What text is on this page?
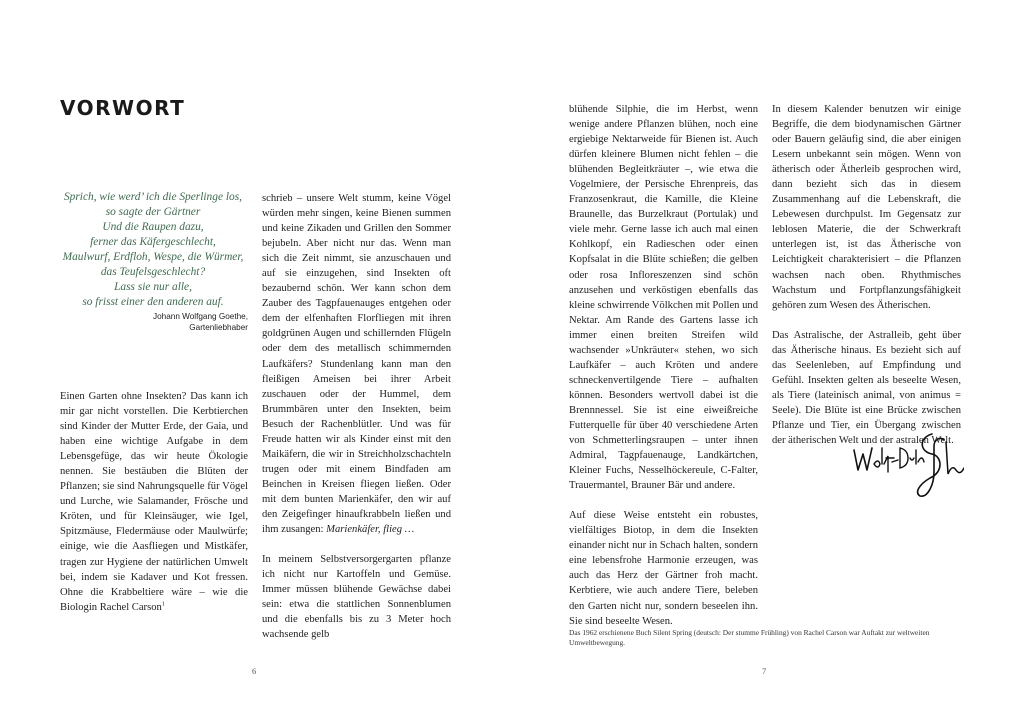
VORWORT
Sprich, wie werd’ ich die Sperlinge los,
so sagte der Gärtner
Und die Raupen dazu,
ferner das Käfergeschlecht,
Maulwurf, Erdfloh, Wespe, die Würmer,
das Teufelsgeschlecht?
Lass sie nur alle,
so frisst einer den anderen auf.
Johann Wolfgang Goethe,
Gartenliebhaber

Einen Garten ohne Insekten? Das kann ich mir gar nicht vorstellen. Die Kerbtierchen sind Kinder der Mutter Erde, der Gaia, und haben eine wichtige Aufgabe in dem Lebensgefüge, das wir heute Ökologie nennen. Sie bestäuben die Blüten der Pflanzen; sie sind Nahrungsquelle für Vögel und Lurche, wie Salamander, Frösche und Kröten, und für Kleinsäuger, wie Igel, Spitzmäuse, Fledermäuse oder Maulwürfe; einige, wie die Aasfliegen und Mistkäfer, tragen zur Hygiene der natürlichen Umwelt bei, indem sie Kadaver und Kot fressen. Ohne die Krabbeltiere wäre – wie die Biologin Rachel Carson$^1$

schrieb – unsere Welt stumm, keine Vögel würden mehr singen, keine Bienen summen und keine Zikaden und Grillen den Sommer bejubeln. Aber nicht nur das. Wenn man sich die Zeit nimmt, sie anzuschauen und auf sie einzugehen, sind Insekten oft bezaubernd schön. Wer kann schon dem Zauber des Tagpfauenauges entgehen oder dem der elfenhaften Florfliegen mit ihren goldgrünen Augen und schillernden Flügeln oder dem des metallisch schimmernden Laufkäfers? Stundenlang kann man den fleißigen Ameisen bei ihrer Arbeit zuschauen oder der Hummel, dem Brummbären unter den Insekten, beim Besuch der Rachenblütler. Und was für Freude hatten wir als Kinder einst mit den Maikäfern, die wir in Streichholzschachteln trugen oder mit einem Bindfaden am Beinchen in Kreisen fliegen ließen. Oder mit dem bunten Marienkäfer, den wir auf den Zeigefinger hinaufkrabbeln ließen und ihm zusangen: Marienkäfer, flieg …

In meinem Selbstversorgergarten pflanze ich nicht nur Kartoffeln und Gemüse. Immer müssen blühende Gewächse dabei sein: etwa die stattlichen Sonnenblumen und die ebenfalls bis zu 3 Meter hoch wachsende gelb

blühende Silphie, die im Herbst, wenn wenige andere Pflanzen blühen, noch eine ergiebige Nektarweide für Bienen ist. Auch dürfen kleinere Blumen nicht fehlen – die blühenden Begleitkräuter –, wie etwa die Vogelmiere, der Persische Ehrenpreis, das Franzosenkraut, die Kamille, die Kleine Braunelle, das Burzelkraut (Portulak) und viele mehr. Gerne lasse ich auch mal einen Kohlkopf, ein Radieschen oder einen Kopfsalat in die Blüte schießen; die gelben oder rosa Infloreszenzen sind schön anzusehen und verköstigen ebenfalls das kleine schwirrende Völkchen mit Pollen und Nektar. Am Rande des Gartens lasse ich immer einen breiten Streifen wild wachsender »Unkräuter« stehen, wo sich Laufkäfer – auch Kröten und andere schneckenvertilgende Tiere – aufhalten können. Besonders wertvoll dabei ist die Brennnessel. Sie ist eine eiweißreiche Futterquelle für über 40 verschiedene Arten von Schmetterlingsraupen – unter ihnen Admiral, Tagpfauenauge, Landkärtchen, Kleiner Fuchs, Nesselhöckereule, C-Falter, Trauermantel, Brauner Bär und andere.

Auf diese Weise entsteht ein robustes, vielfältiges Biotop, in dem die Insekten einander nicht nur in Schach halten, sondern eine lebensfrohe Harmonie erzeugen, was auch das Herz der Gärtner froh macht. Kerbtiere, wie auch andere Tiere, beleben den Garten nicht nur, sondern beseelen ihn. Sie sind beseelte Wesen.

In diesem Kalender benutzen wir einige Begriffe, die dem biodynamischen Gärtner oder Bauern geläufig sind, die aber einigen Lesern unbekannt sein mögen. Wenn von ätherisch oder Ätherleib gesprochen wird, dann bezieht sich das in diesem Zusammenhang auf die Lebenskraft, die Lebewesen durchpulst. Im Gegensatz zur leblosen Materie, die der Schwerkraft unterlegen ist, ist das Ätherische von Leichtigkeit charakterisiert – die Pflanzen wachsen nach oben. Rhythmisches Wachstum und Fortpflanzungsfähigkeit gehören zum Wesen des Ätherischen.

Das Astralische, der Astralleib, geht über das Ätherische hinaus. Es bezieht sich auf das Seelenleben, auf Empfindung und Gefühl. Insekten gelten als beseelte Wesen, als Tiere (lateinisch animal, von animus = Seele). Die Blüte ist eine Brücke zwischen Pflanze und Tier, ein Übergang zwischen der ätherischen Welt und der astralen Welt.

Das 1962 erschienene Buch Silent Spring (deutsch: Der stumme Frühling) von Rachel Carson war Auftakt zur weltweiten Umweltbewegung.
6	7
